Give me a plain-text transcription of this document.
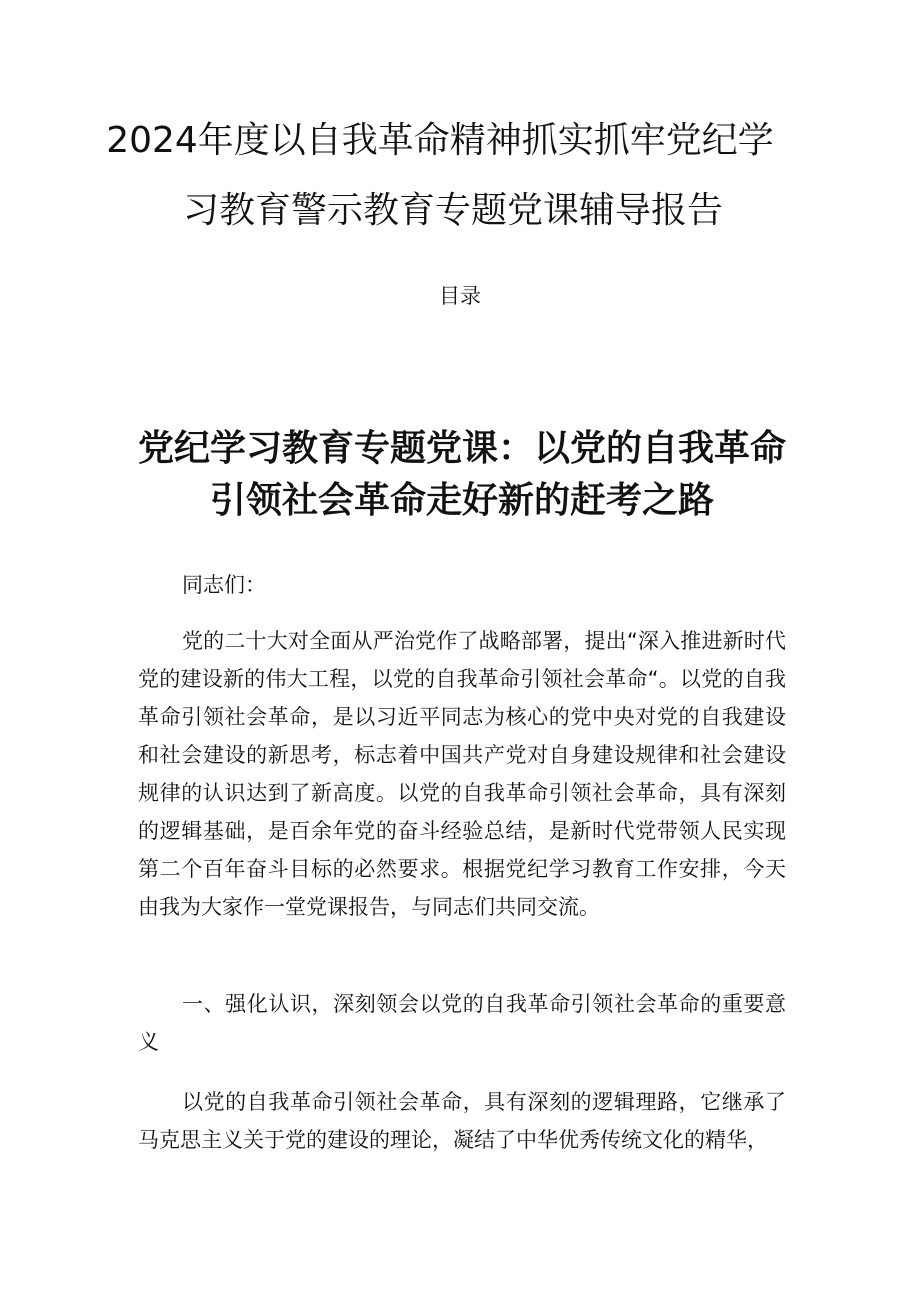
2024年度以自我革命精神抓实抓牢党纪学
习教育警示教育专题党课辅导报告
目录
党纪学习教育专题党课：以党的自我革命
引领社会革命走好新的赶考之路

同志们：

党的二十大对全面从严治党作了战略部署，提出“深入推进新时代党的建设新的伟大工程，以党的自我革命引领社会革命“。以党的自我革命引领社会革命，是以习近平同志为核心的党中央对党的自我建设和社会建设的新思考，标志着中国共产党对自身建设规律和社会建设规律的认识达到了新高度。以党的自我革命引领社会革命，具有深刻的逻辑基础，是百余年党的奋斗经验总结，是新时代党带领人民实现第二个百年奋斗目标的必然要求。根据党纪学习教育工作安排，今天由我为大家作一堂党课报告，与同志们共同交流。

一、强化认识，深刻领会以党的自我革命引领社会革命的重要意义

以党的自我革命引领社会革命，具有深刻的逻辑理路，它继承了马克思主义关于党的建设的理论，凝结了中华优秀传统文化的精华，
